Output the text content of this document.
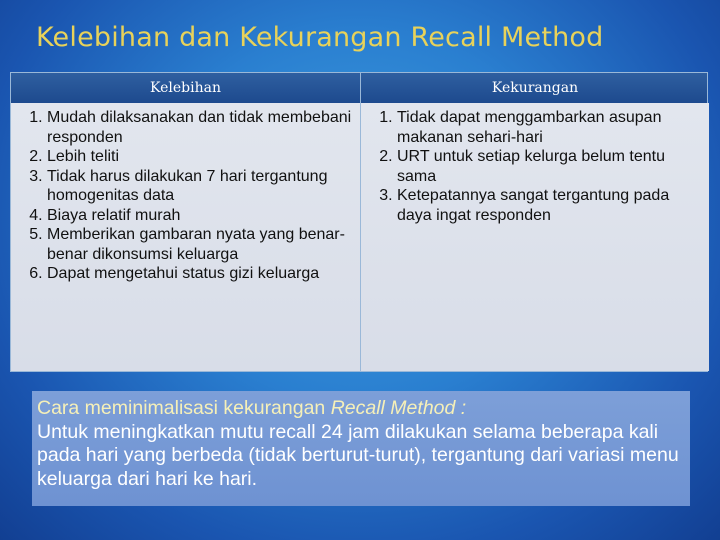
Kelebihan dan Kekurangan Recall Method
Kelebihan	Kekurangan
1. Mudah dilaksanakan dan tidak membebani responden
2. Lebih teliti
3. Tidak harus dilakukan 7 hari tergantung homogenitas data
4. Biaya relatif murah
5. Memberikan gambaran nyata yang benar-benar dikonsumsi keluarga
6. Dapat mengetahui status gizi keluarga
1. Tidak dapat menggambarkan asupan makanan sehari-hari
2. URT untuk setiap kelurga belum tentu sama
3. Ketepatannya sangat tergantung pada daya ingat responden
Cara meminimalisasi kekurangan Recall Method :
Untuk meningkatkan mutu recall 24 jam dilakukan selama beberapa kali pada hari yang berbeda (tidak berturut-turut), tergantung dari variasi menu keluarga dari hari ke hari.
